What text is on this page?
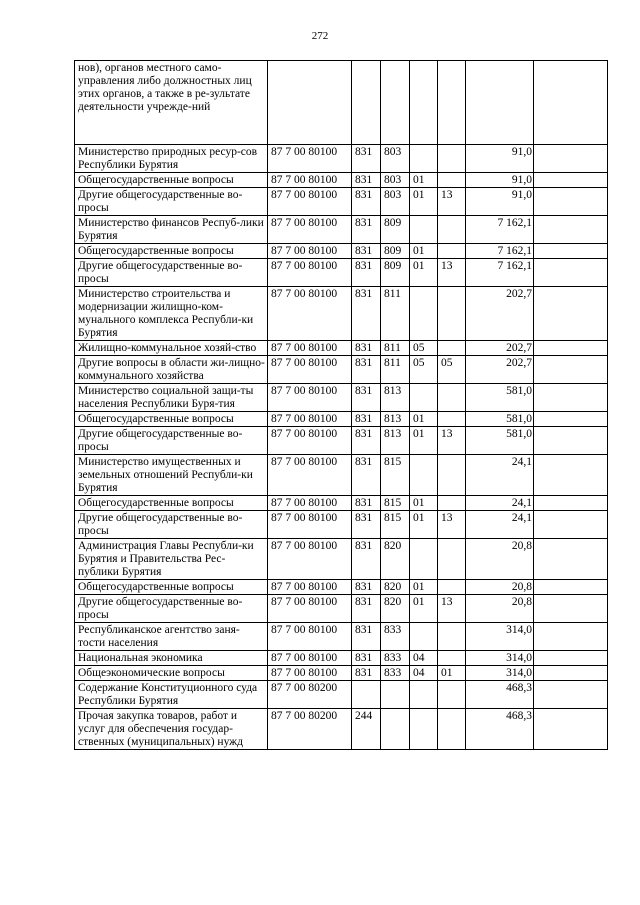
272
нов), органов местного само-управления либо должностных лиц этих органов, а также в ре-зультате деятельности учрежде-ний							
Министерство природных ресур-сов Республики Бурятия	87 7 00 80100	831	803			91,0	
Общегосударственные вопросы	87 7 00 80100	831	803	01		91,0	
Другие общегосударственные во-просы	87 7 00 80100	831	803	01	13	91,0	
Министерство финансов Респуб-лики Бурятия	87 7 00 80100	831	809			7 162,1	
Общегосударственные вопросы	87 7 00 80100	831	809	01		7 162,1	
Другие общегосударственные во-просы	87 7 00 80100	831	809	01	13	7 162,1	
Министерство строительства и модернизации жилищно-ком-мунального комплекса Республи-ки Бурятия	87 7 00 80100	831	811			202,7	
Жилищно-коммунальное хозяй-ство	87 7 00 80100	831	811	05		202,7	
Другие вопросы в области жи-лищно-коммунального хозяйства	87 7 00 80100	831	811	05	05	202,7	
Министерство социальной защи-ты населения Республики Буря-тия	87 7 00 80100	831	813			581,0	
Общегосударственные вопросы	87 7 00 80100	831	813	01		581,0	
Другие общегосударственные во-просы	87 7 00 80100	831	813	01	13	581,0	
Министерство имущественных и земельных отношений Республи-ки Бурятия	87 7 00 80100	831	815			24,1	
Общегосударственные вопросы	87 7 00 80100	831	815	01		24,1	
Другие общегосударственные во-просы	87 7 00 80100	831	815	01	13	24,1	
Администрация Главы Республи-ки Бурятия и Правительства Рес-публики Бурятия	87 7 00 80100	831	820			20,8	
Общегосударственные вопросы	87 7 00 80100	831	820	01		20,8	
Другие общегосударственные во-просы	87 7 00 80100	831	820	01	13	20,8	
Республиканское агентство заня-тости населения	87 7 00 80100	831	833			314,0	
Национальная экономика	87 7 00 80100	831	833	04		314,0	
Общеэкономические вопросы	87 7 00 80100	831	833	04	01	314,0	
Содержание Конституционного суда Республики Бурятия	87 7 00 80200					468,3	
Прочая закупка товаров, работ и услуг для обеспечения государ-ственных (муниципальных) нужд	87 7 00 80200	244				468,3	
